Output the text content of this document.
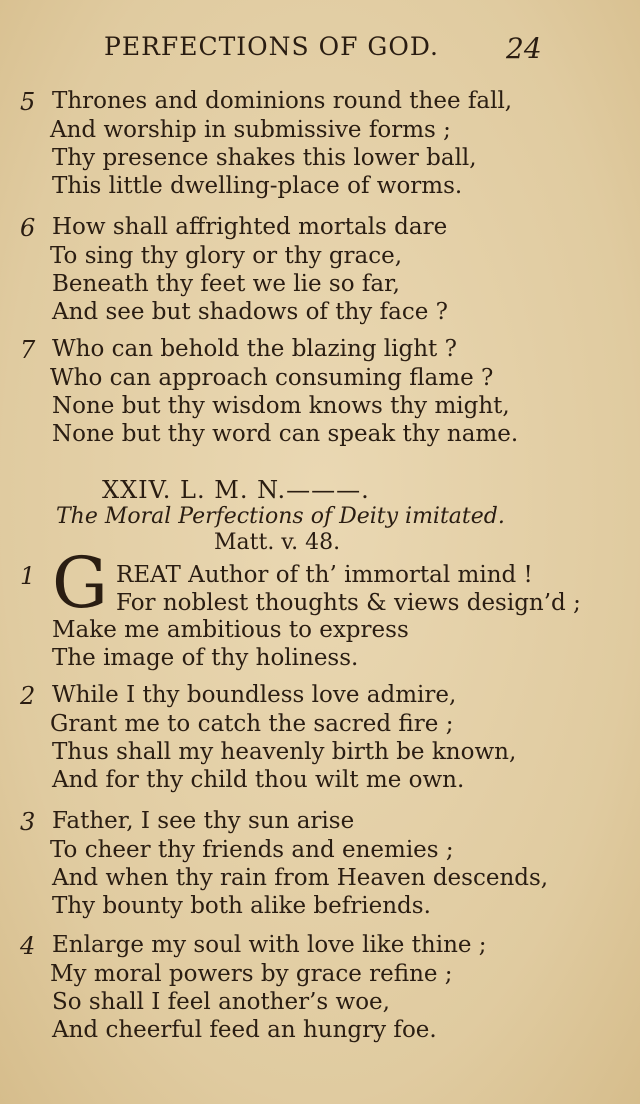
PERFECTIONS OF GOD. 24
5 Thrones and dominions round thee fall,
And worship in submissive forms ;
Thy presence shakes this lower ball,
This little dwelling-place of worms.
6 How shall affrighted mortals dare
To sing thy glory or thy grace,
Beneath thy feet we lie so far,
And see but shadows of thy face ?
7 Who can behold the blazing light ?
Who can approach consuming flame ?
None but thy wisdom knows thy might,
None but thy word can speak thy name.
XXIV. L. M. N.———.
The Moral Perfections of Deity imitated.
Matt. v. 48.
1 G REAT Author of th’ immortal mind !
For noblest thoughts & views design’d ;
Make me ambitious to express
The image of thy holiness.
2 While I thy boundless love admire,
Grant me to catch the sacred fire ;
Thus shall my heavenly birth be known,
And for thy child thou wilt me own.
3 Father, I see thy sun arise
To cheer thy friends and enemies ;
And when thy rain from Heaven descends,
Thy bounty both alike befriends.
4 Enlarge my soul with love like thine ;
My moral powers by grace refine ;
So shall I feel another’s woe,
And cheerful feed an hungry foe.
